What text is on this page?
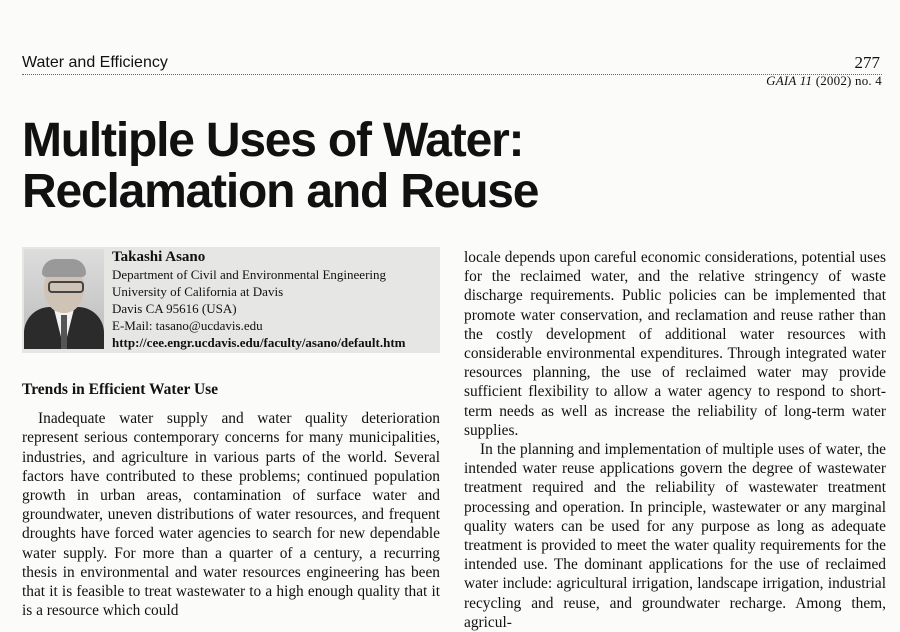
Water and Efficiency	277
GAIA 11 (2002) no. 4
Multiple Uses of Water:
Reclamation and Reuse
Takashi Asano
Department of Civil and Environmental Engineering
University of California at Davis
Davis CA 95616 (USA)
E-Mail: tasano@ucdavis.edu
http://cee.engr.ucdavis.edu/faculty/asano/default.htm
Trends in Efficient Water Use

Inadequate water supply and water quality deterioration represent serious contemporary concerns for many municipalities, industries, and agriculture in various parts of the world. Several factors have contributed to these problems; continued population growth in urban areas, contamination of surface water and groundwater, uneven distributions of water resources, and frequent droughts have forced water agencies to search for new dependable water supply. For more than a quarter of a century, a recurring thesis in environmental and water resources engineering has been that it is feasible to treat wastewater to a high enough quality that it is a resource which could

locale depends upon careful economic considerations, potential uses for the reclaimed water, and the relative stringency of waste discharge requirements. Public policies can be implemented that promote water conservation, and reclamation and reuse rather than the costly development of additional water resources with considerable environmental expenditures. Through integrated water resources planning, the use of reclaimed water may provide sufficient flexibility to allow a water agency to respond to short-term needs as well as increase the reliability of long-term water supplies.

In the planning and implementation of multiple uses of water, the intended water reuse applications govern the degree of wastewater treatment required and the reliability of wastewater treatment processing and operation. In principle, wastewater or any marginal quality waters can be used for any purpose as long as adequate treatment is provided to meet the water quality requirements for the intended use. The dominant applications for the use of reclaimed water include: agricultural irrigation, landscape irrigation, industrial recycling and reuse, and groundwater recharge. Among them, agricul-
